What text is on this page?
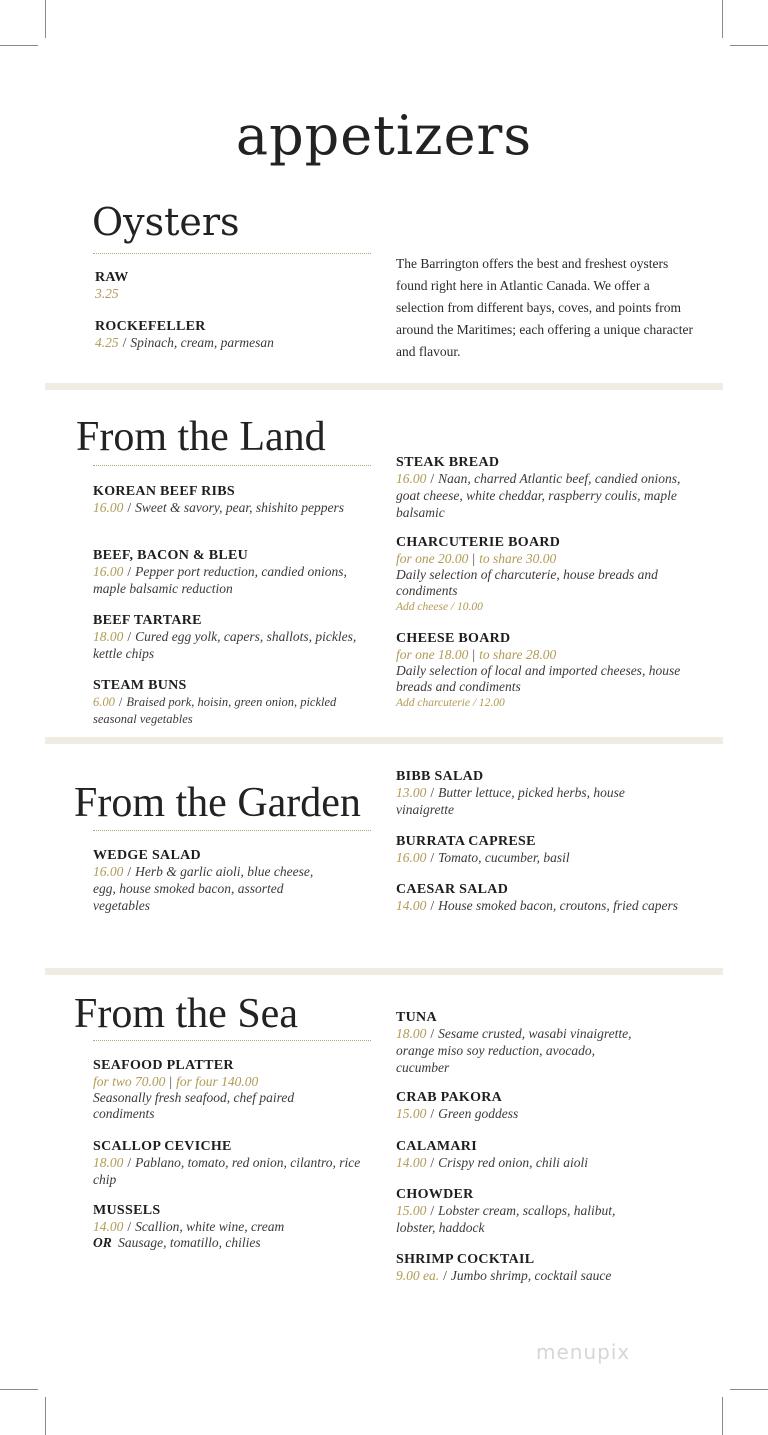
appetizers
Oysters
RAW
3.25
ROCKEFELLER
4.25 / Spinach, cream, parmesan
The Barrington offers the best and freshest oysters found right here in Atlantic Canada. We offer a selection from different bays, coves, and points from around the Maritimes; each offering a unique character and flavour.
From the Land
KOREAN BEEF RIBS
16.00 / Sweet & savory, pear, shishito peppers
BEEF, BACON & BLEU
16.00 / Pepper port reduction, candied onions, maple balsamic reduction
BEEF TARTARE
18.00 / Cured egg yolk, capers, shallots, pickles, kettle chips
STEAM BUNS
6.00 / Braised pork, hoisin, green onion, pickled seasonal vegetables
STEAK BREAD
16.00 / Naan, charred Atlantic beef, candied onions, goat cheese, white cheddar, raspberry coulis, maple balsamic
CHARCUTERIE BOARD
for one 20.00 | to share 30.00
Daily selection of charcuterie, house breads and condiments
Add cheese / 10.00
CHEESE BOARD
for one 18.00 | to share 28.00
Daily selection of local and imported cheeses, house breads and condiments
Add charcuterie / 12.00
From the Garden
WEDGE SALAD
16.00 / Herb & garlic aioli, blue cheese, egg, house smoked bacon, assorted vegetables
BIBB SALAD
13.00 / Butter lettuce, picked herbs, house vinaigrette
BURRATA CAPRESE
16.00 / Tomato, cucumber, basil
CAESAR SALAD
14.00 / House smoked bacon, croutons, fried capers
From the Sea
SEAFOOD PLATTER
for two 70.00 | for four 140.00
Seasonally fresh seafood, chef paired condiments
SCALLOP CEVICHE
18.00 / Pablano, tomato, red onion, cilantro, rice chip
MUSSELS
14.00 / Scallion, white wine, cream
OR Sausage, tomatillo, chilies
TUNA
18.00 / Sesame crusted, wasabi vinaigrette, orange miso soy reduction, avocado, cucumber
CRAB PAKORA
15.00 / Green goddess
CALAMARI
14.00 / Crispy red onion, chili aioli
CHOWDER
15.00 / Lobster cream, scallops, halibut, lobster, haddock
SHRIMP COCKTAIL
9.00 ea. / Jumbo shrimp, cocktail sauce
menupix
